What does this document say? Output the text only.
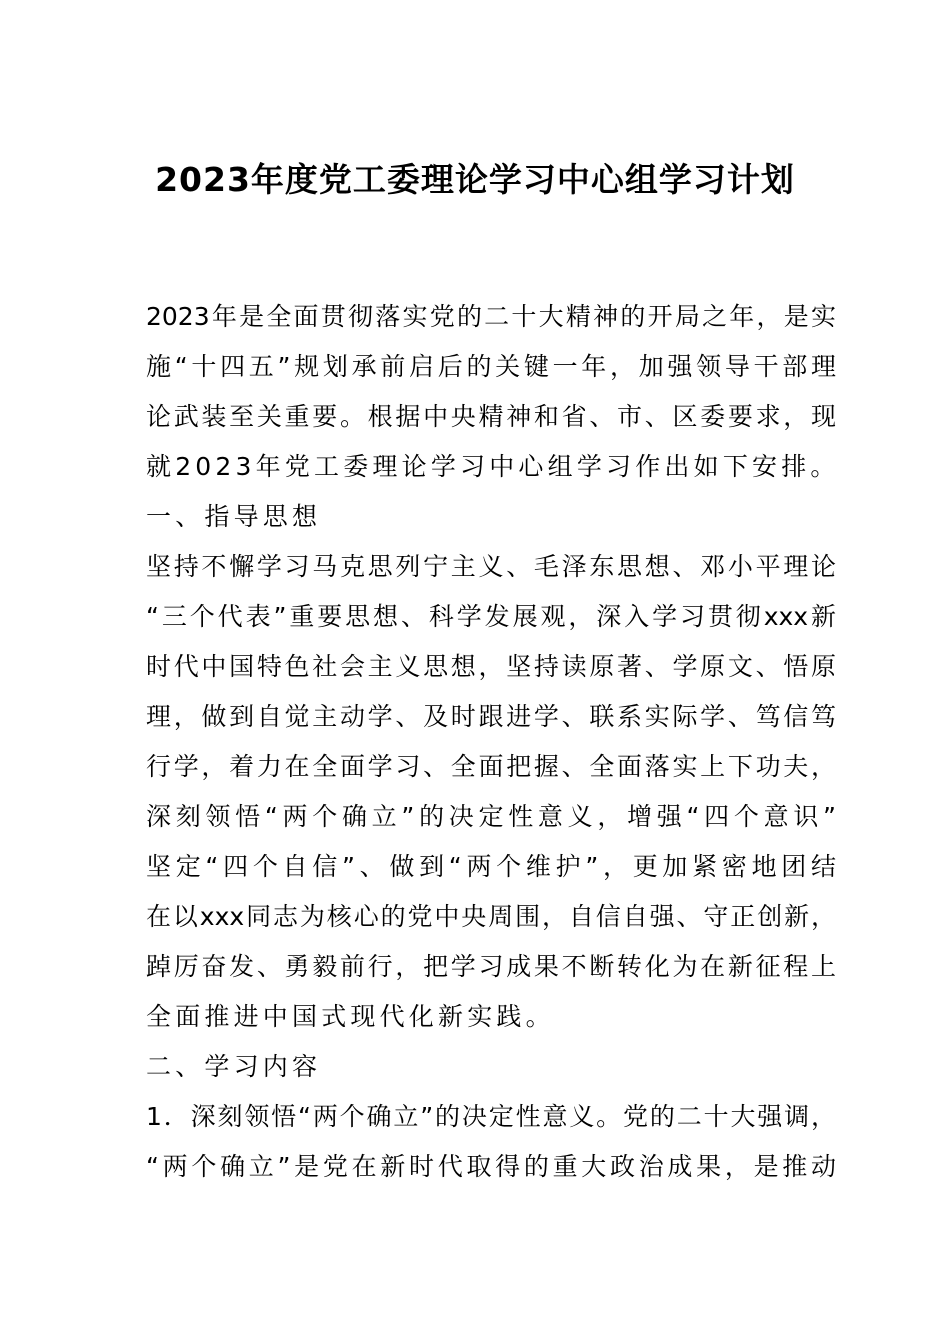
2023年度党工委理论学习中心组学习计划
2023年是全面贯彻落实党的二十大精神的开局之年，是实
施“十四五”规划承前启后的关键一年，加强领导干部理
论武装至关重要。根据中央精神和省、市、区委要求，现
就2023年党工委理论学习中心组学习作出如下安排。
一、指导思想
坚持不懈学习马克思列宁主义、毛泽东思想、邓小平理论
“三个代表”重要思想、科学发展观，深入学习贯彻xxx新
时代中国特色社会主义思想，坚持读原著、学原文、悟原
理，做到自觉主动学、及时跟进学、联系实际学、笃信笃
行学，着力在全面学习、全面把握、全面落实上下功夫，
深刻领悟“两个确立”的决定性意义，增强“四个意识”
坚定“四个自信”、做到“两个维护”，更加紧密地团结
在以xxx同志为核心的党中央周围，自信自强、守正创新，
踔厉奋发、勇毅前行，把学习成果不断转化为在新征程上
全面推进中国式现代化新实践。
二、学习内容
1．深刻领悟“两个确立”的决定性意义。党的二十大强调，
“两个确立”是党在新时代取得的重大政治成果，是推动
